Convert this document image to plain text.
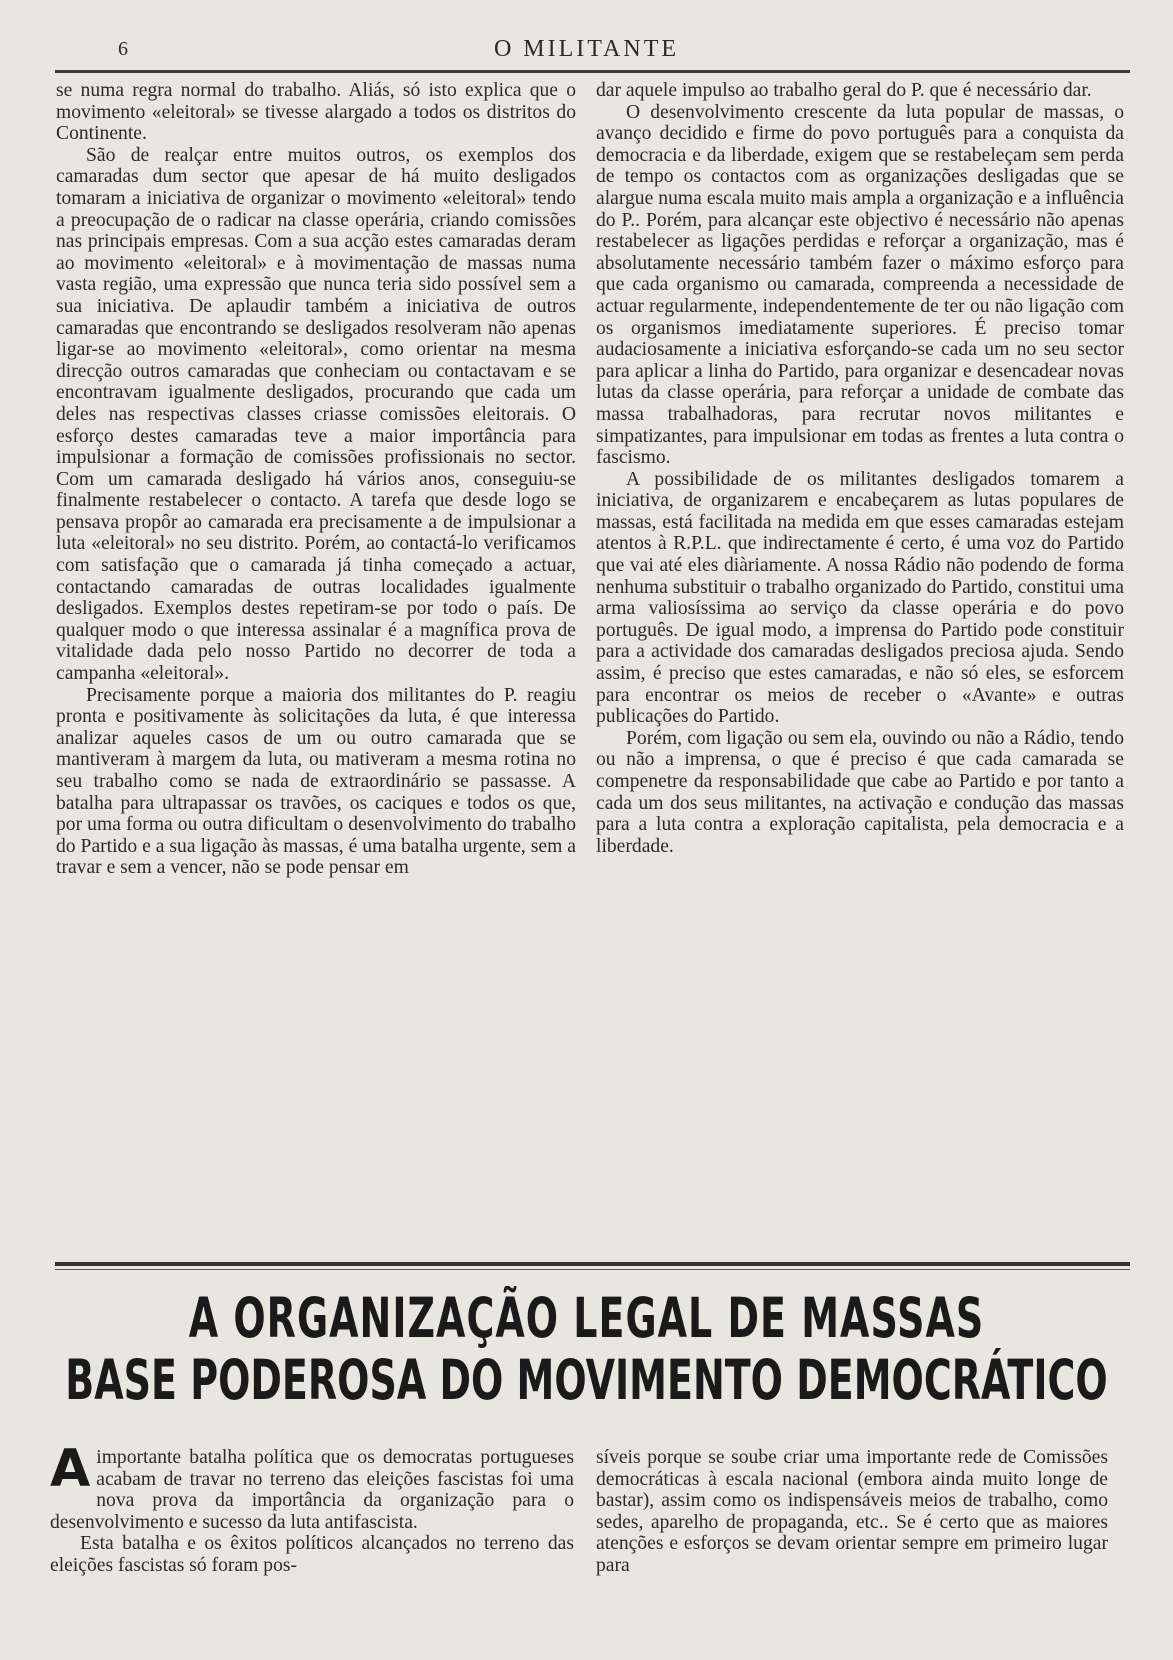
6	O MILITANTE

se numa regra normal do trabalho. Aliás, só isto explica que o movimento «eleitoral» se tivesse alargado a todos os distritos do Continente.

São de realçar entre muitos outros, os exemplos dos camaradas dum sector que apesar de há muito desligados tomaram a iniciativa de organizar o movimento «eleitoral» tendo a preocupação de o radicar na classe operária, criando comissões nas principais empresas. Com a sua acção estes camaradas deram ao movimento «eleitoral» e à movimentação de massas numa vasta região, uma expressão que nunca teria sido possível sem a sua iniciativa. De aplaudir também a iniciativa de outros camaradas que encontrando se desligados resolveram não apenas ligar-se ao movimento «eleitoral», como orientar na mesma direcção outros camaradas que conheciam ou contactavam e se encontravam igualmente desligados, procurando que cada um deles nas respectivas classes criasse comissões eleitorais. O esforço destes camaradas teve a maior importância para impulsionar a formação de comissões profissionais no sector. Com um camarada desligado há vários anos, conseguiu-se finalmente restabelecer o contacto. A tarefa que desde logo se pensava propôr ao camarada era precisamente a de impulsionar a luta «eleitoral» no seu distrito. Porém, ao contactá-lo verificamos com satisfação que o camarada já tinha começado a actuar, contactando camaradas de outras localidades igualmente desligados. Exemplos destes repetiram-se por todo o país. De qualquer modo o que interessa assinalar é a magnífica prova de vitalidade dada pelo nosso Partido no decorrer de toda a campanha «eleitoral».

Precisamente porque a maioria dos militantes do P. reagiu pronta e positivamente às solicitações da luta, é que interessa analizar aqueles casos de um ou outro camarada que se mantiveram à margem da luta, ou mativeram a mesma rotina no seu trabalho como se nada de extraordinário se passasse. A batalha para ultrapassar os travões, os caciques e todos os que, por uma forma ou outra dificultam o desenvolvimento do trabalho do Partido e a sua ligação às massas, é uma batalha urgente, sem a travar e sem a vencer, não se pode pensar em

dar aquele impulso ao trabalho geral do P. que é necessário dar.

O desenvolvimento crescente da luta popular de massas, o avanço decidido e firme do povo português para a conquista da democracia e da liberdade, exigem que se restabeleçam sem perda de tempo os contactos com as organizações desligadas que se alargue numa escala muito mais ampla a organização e a influência do P.. Porém, para alcançar este objectivo é necessário não apenas restabelecer as ligações perdidas e reforçar a organização, mas é absolutamente necessário também fazer o máximo esforço para que cada organismo ou camarada, compreenda a necessidade de actuar regularmente, independentemente de ter ou não ligação com os organismos imediatamente superiores. É preciso tomar audaciosamente a iniciativa esforçando-se cada um no seu sector para aplicar a linha do Partido, para organizar e desencadear novas lutas da classe operária, para reforçar a unidade de combate das massa trabalhadoras, para recrutar novos militantes e simpatizantes, para impulsionar em todas as frentes a luta contra o fascismo.

A possibilidade de os militantes desligados tomarem a iniciativa, de organizarem e encabeçarem as lutas populares de massas, está facilitada na medida em que esses camaradas estejam atentos à R.P.L. que indirectamente é certo, é uma voz do Partido que vai até eles diàriamente. A nossa Rádio não podendo de forma nenhuma substituir o trabalho organizado do Partido, constitui uma arma valiosíssima ao serviço da classe operária e do povo português. De igual modo, a imprensa do Partido pode constituir para a actividade dos camaradas desligados preciosa ajuda. Sendo assim, é preciso que estes camaradas, e não só eles, se esforcem para encontrar os meios de receber o «Avante» e outras publicações do Partido.

Porém, com ligação ou sem ela, ouvindo ou não a Rádio, tendo ou não a imprensa, o que é preciso é que cada camarada se compenetre da responsabilidade que cabe ao Partido e por tanto a cada um dos seus militantes, na activação e condução das massas para a luta contra a exploração capitalista, pela democracia e a liberdade.

A ORGANIZAÇÃO LEGAL DE MASSAS
BASE PODEROSA DO MOVIMENTO DEMOCRÁTICO

Aimportante batalha política que os democratas portugueses acabam de travar no terreno das eleições fascistas foi uma nova prova da importância da organização para o desenvolvimento e sucesso da luta antifascista.

Esta batalha e os êxitos políticos alcançados no terreno das eleições fascistas só foram pos-

síveis porque se soube criar uma importante rede de Comissões democráticas à escala nacional (embora ainda muito longe de bastar), assim como os indispensáveis meios de trabalho, como sedes, aparelho de propaganda, etc.. Se é certo que as maiores atenções e esforços se devam orientar sempre em primeiro lugar para
